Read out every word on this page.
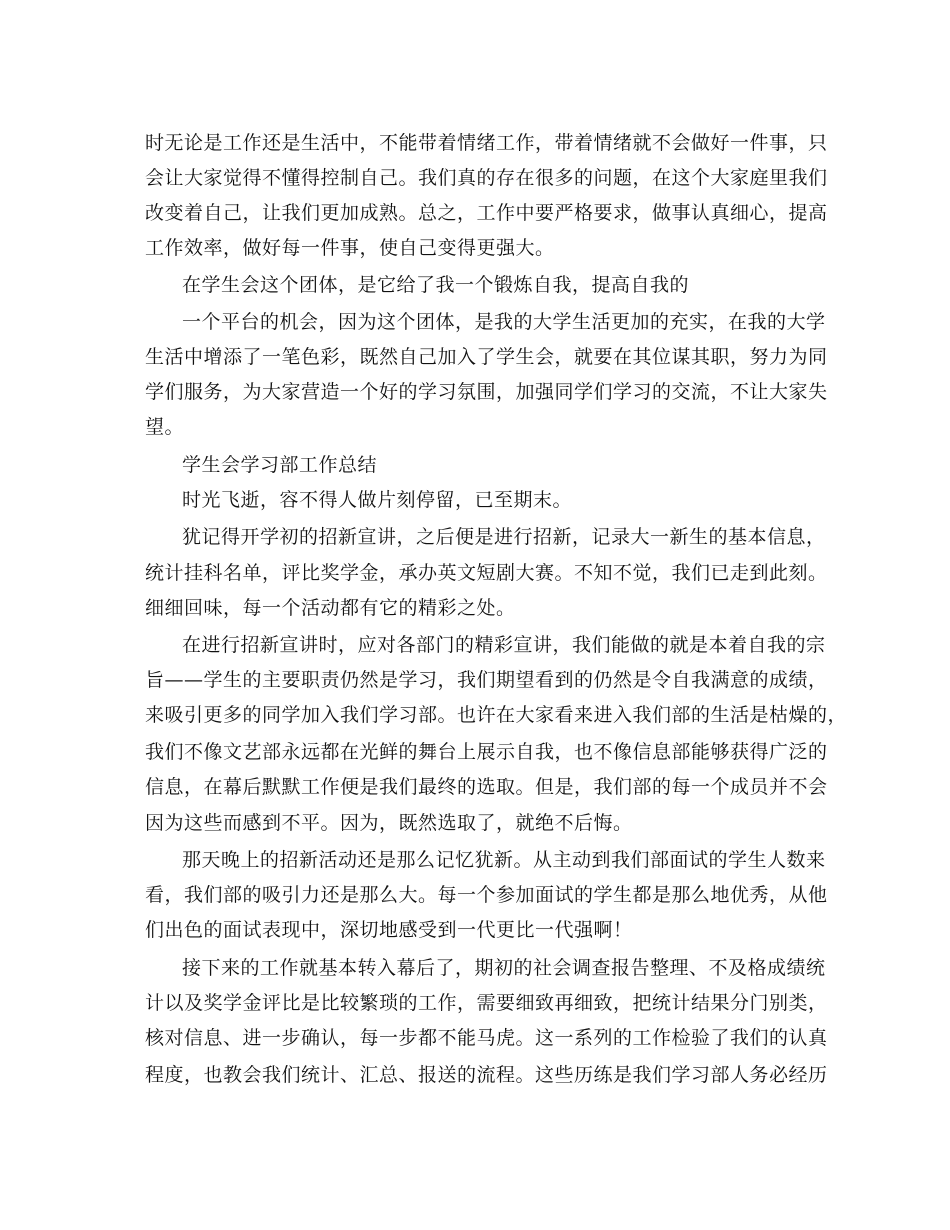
时无论是工作还是生活中，不能带着情绪工作，带着情绪就不会做好一件事，只
会让大家觉得不懂得控制自己。我们真的存在很多的问题，在这个大家庭里我们
改变着自己，让我们更加成熟。总之，工作中要严格要求，做事认真细心，提高
工作效率，做好每一件事，使自己变得更强大。
在学生会这个团体，是它给了我一个锻炼自我，提高自我的
一个平台的机会，因为这个团体，是我的大学生活更加的充实，在我的大学
生活中增添了一笔色彩，既然自己加入了学生会，就要在其位谋其职，努力为同
学们服务，为大家营造一个好的学习氛围，加强同学们学习的交流，不让大家失
望。
学生会学习部工作总结
时光飞逝，容不得人做片刻停留，已至期末。
犹记得开学初的招新宣讲，之后便是进行招新，记录大一新生的基本信息，
统计挂科名单，评比奖学金，承办英文短剧大赛。不知不觉，我们已走到此刻。
细细回味，每一个活动都有它的精彩之处。
在进行招新宣讲时，应对各部门的精彩宣讲，我们能做的就是本着自我的宗
旨——学生的主要职责仍然是学习，我们期望看到的仍然是令自我满意的成绩，
来吸引更多的同学加入我们学习部。也许在大家看来进入我们部的生活是枯燥的，
我们不像文艺部永远都在光鲜的舞台上展示自我，也不像信息部能够获得广泛的
信息，在幕后默默工作便是我们最终的选取。但是，我们部的每一个成员并不会
因为这些而感到不平。因为，既然选取了，就绝不后悔。
那天晚上的招新活动还是那么记忆犹新。从主动到我们部面试的学生人数来
看，我们部的吸引力还是那么大。每一个参加面试的学生都是那么地优秀，从他
们出色的面试表现中，深切地感受到一代更比一代强啊！
接下来的工作就基本转入幕后了，期初的社会调查报告整理、不及格成绩统
计以及奖学金评比是比较繁琐的工作，需要细致再细致，把统计结果分门别类，
核对信息、进一步确认，每一步都不能马虎。这一系列的工作检验了我们的认真
程度，也教会我们统计、汇总、报送的流程。这些历练是我们学习部人务必经历
